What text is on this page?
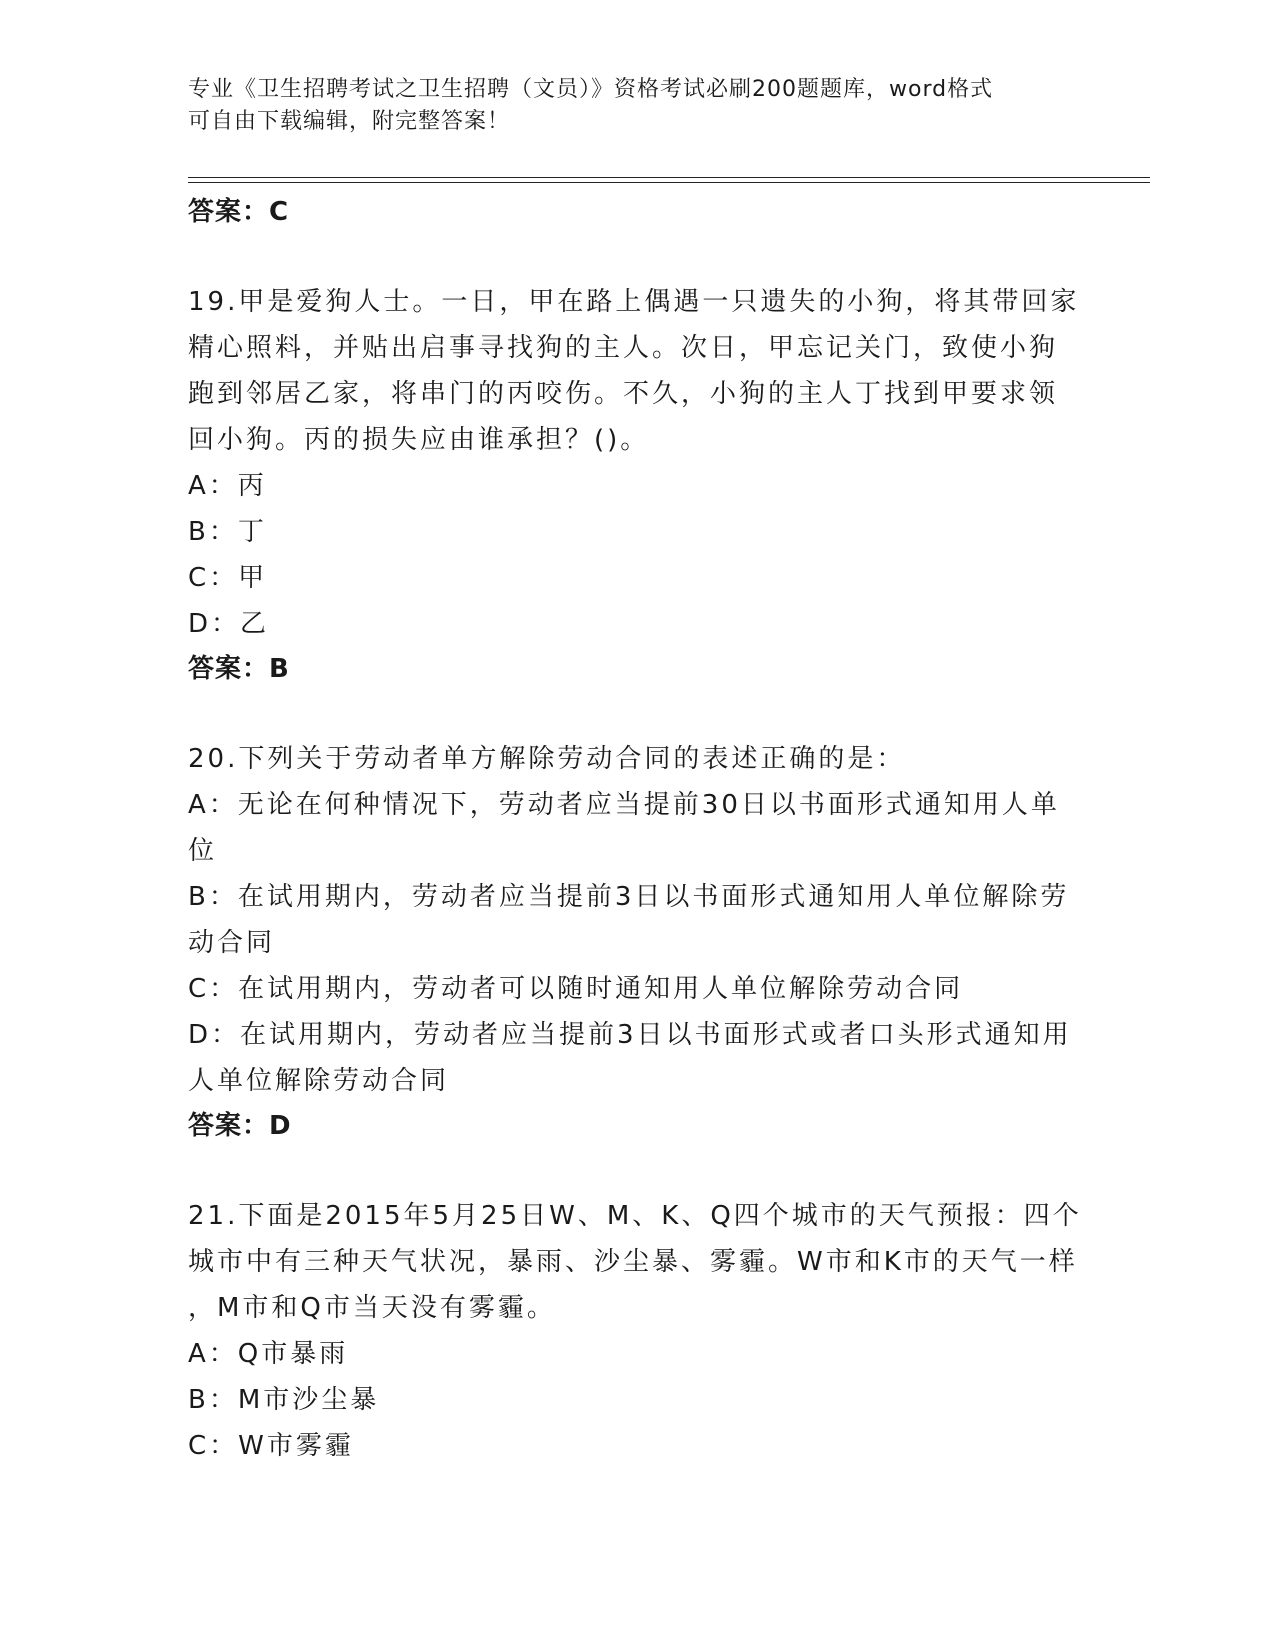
专业《卫生招聘考试之卫生招聘（文员）》资格考试必刷200题题库，word格式
可自由下载编辑，附完整答案！

答案：C

19.甲是爱狗人士。一日，甲在路上偶遇一只遗失的小狗，将其带回家

精心照料，并贴出启事寻找狗的主人。次日，甲忘记关门，致使小狗

跑到邻居乙家，将串门的丙咬伤。不久，小狗的主人丁找到甲要求领

回小狗。丙的损失应由谁承担？()。

A：丙

B：丁

C：甲

D：乙

答案：B

20.下列关于劳动者单方解除劳动合同的表述正确的是：

A：无论在何种情况下，劳动者应当提前30日以书面形式通知用人单

位

B：在试用期内，劳动者应当提前3日以书面形式通知用人单位解除劳

动合同

C：在试用期内，劳动者可以随时通知用人单位解除劳动合同

D：在试用期内，劳动者应当提前3日以书面形式或者口头形式通知用

人单位解除劳动合同

答案：D

21.下面是2015年5月25日W、M、K、Q四个城市的天气预报：四个

城市中有三种天气状况，暴雨、沙尘暴、雾霾。W市和K市的天气一样

，M市和Q市当天没有雾霾。

A：Q市暴雨

B：M市沙尘暴

C：W市雾霾
